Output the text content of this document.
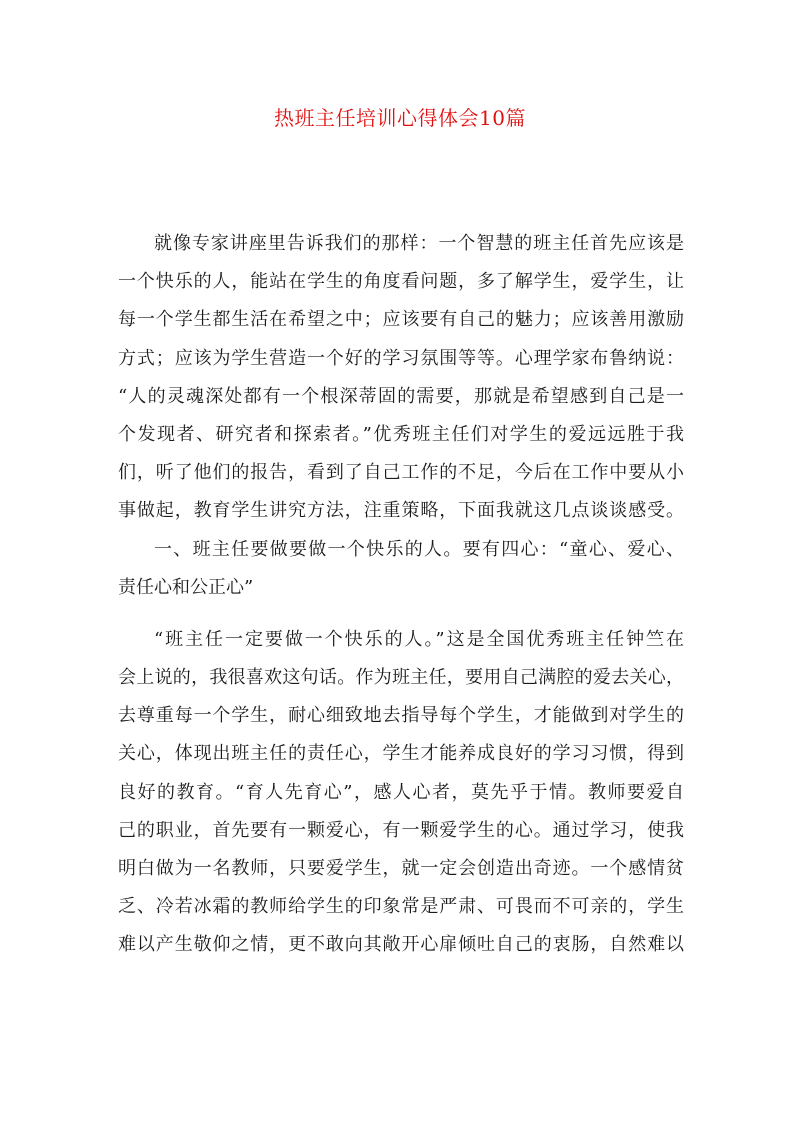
热班主任培训心得体会10篇
就像专家讲座里告诉我们的那样：一个智慧的班主任首先应该是
一个快乐的人，能站在学生的角度看问题，多了解学生，爱学生，让
每一个学生都生活在希望之中；应该要有自己的魅力；应该善用激励
方式；应该为学生营造一个好的学习氛围等等。心理学家布鲁纳说：
“人的灵魂深处都有一个根深蒂固的需要，那就是希望感到自己是一
个发现者、研究者和探索者。”优秀班主任们对学生的爱远远胜于我
们，听了他们的报告，看到了自己工作的不足，今后在工作中要从小
事做起，教育学生讲究方法，注重策略，下面我就这几点谈谈感受。
一、班主任要做要做一个快乐的人。要有四心：“童心、爱心、
责任心和公正心”
“班主任一定要做一个快乐的人。”这是全国优秀班主任钟竺在
会上说的，我很喜欢这句话。作为班主任，要用自己满腔的爱去关心，
去尊重每一个学生，耐心细致地去指导每个学生，才能做到对学生的
关心，体现出班主任的责任心，学生才能养成良好的学习习惯，得到
良好的教育。“育人先育心”，感人心者，莫先乎于情。教师要爱自
己的职业，首先要有一颗爱心，有一颗爱学生的心。通过学习，使我
明白做为一名教师，只要爱学生，就一定会创造出奇迹。一个感情贫
乏、冷若冰霜的教师给学生的印象常是严肃、可畏而不可亲的，学生
难以产生敬仰之情，更不敢向其敞开心扉倾吐自己的衷肠，自然难以
